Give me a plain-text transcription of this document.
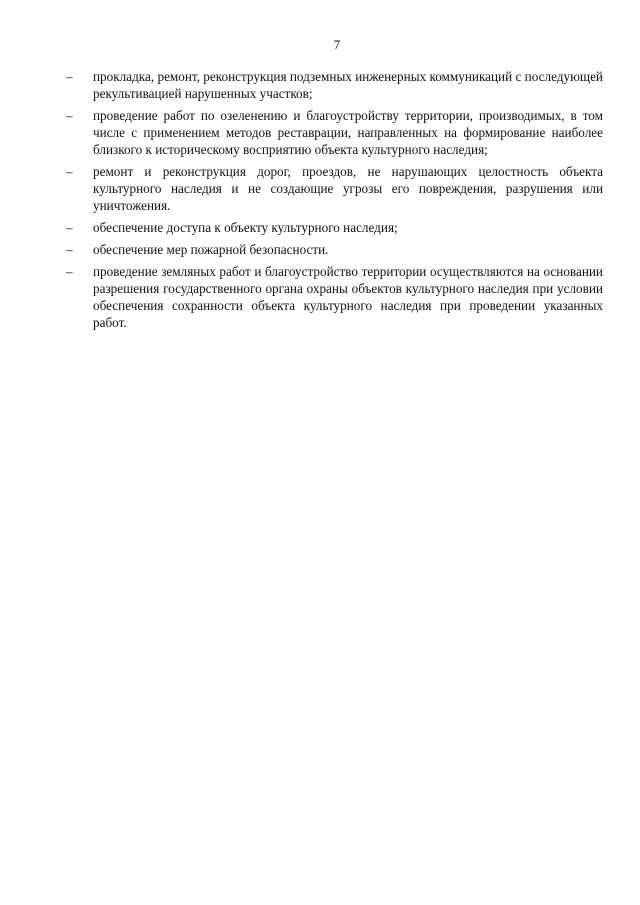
7
– прокладка, ремонт, реконструкция подземных инженерных коммуникаций с последующей рекультивацией нарушенных участков;
– проведение работ по озеленению и благоустройству территории, производимых, в том числе с применением методов реставрации, направленных на формирование наиболее близкого к историческому восприятию объекта культурного наследия;
– ремонт и реконструкция дорог, проездов, не нарушающих целостность объекта культурного наследия и не создающие угрозы его повреждения, разрушения или уничтожения.
– обеспечение доступа к объекту культурного наследия;
– обеспечение мер пожарной безопасности.
– проведение земляных работ и благоустройство территории осуществляются на основании разрешения государственного органа охраны объектов культурного наследия при условии обеспечения сохранности объекта культурного наследия при проведении указанных работ.
